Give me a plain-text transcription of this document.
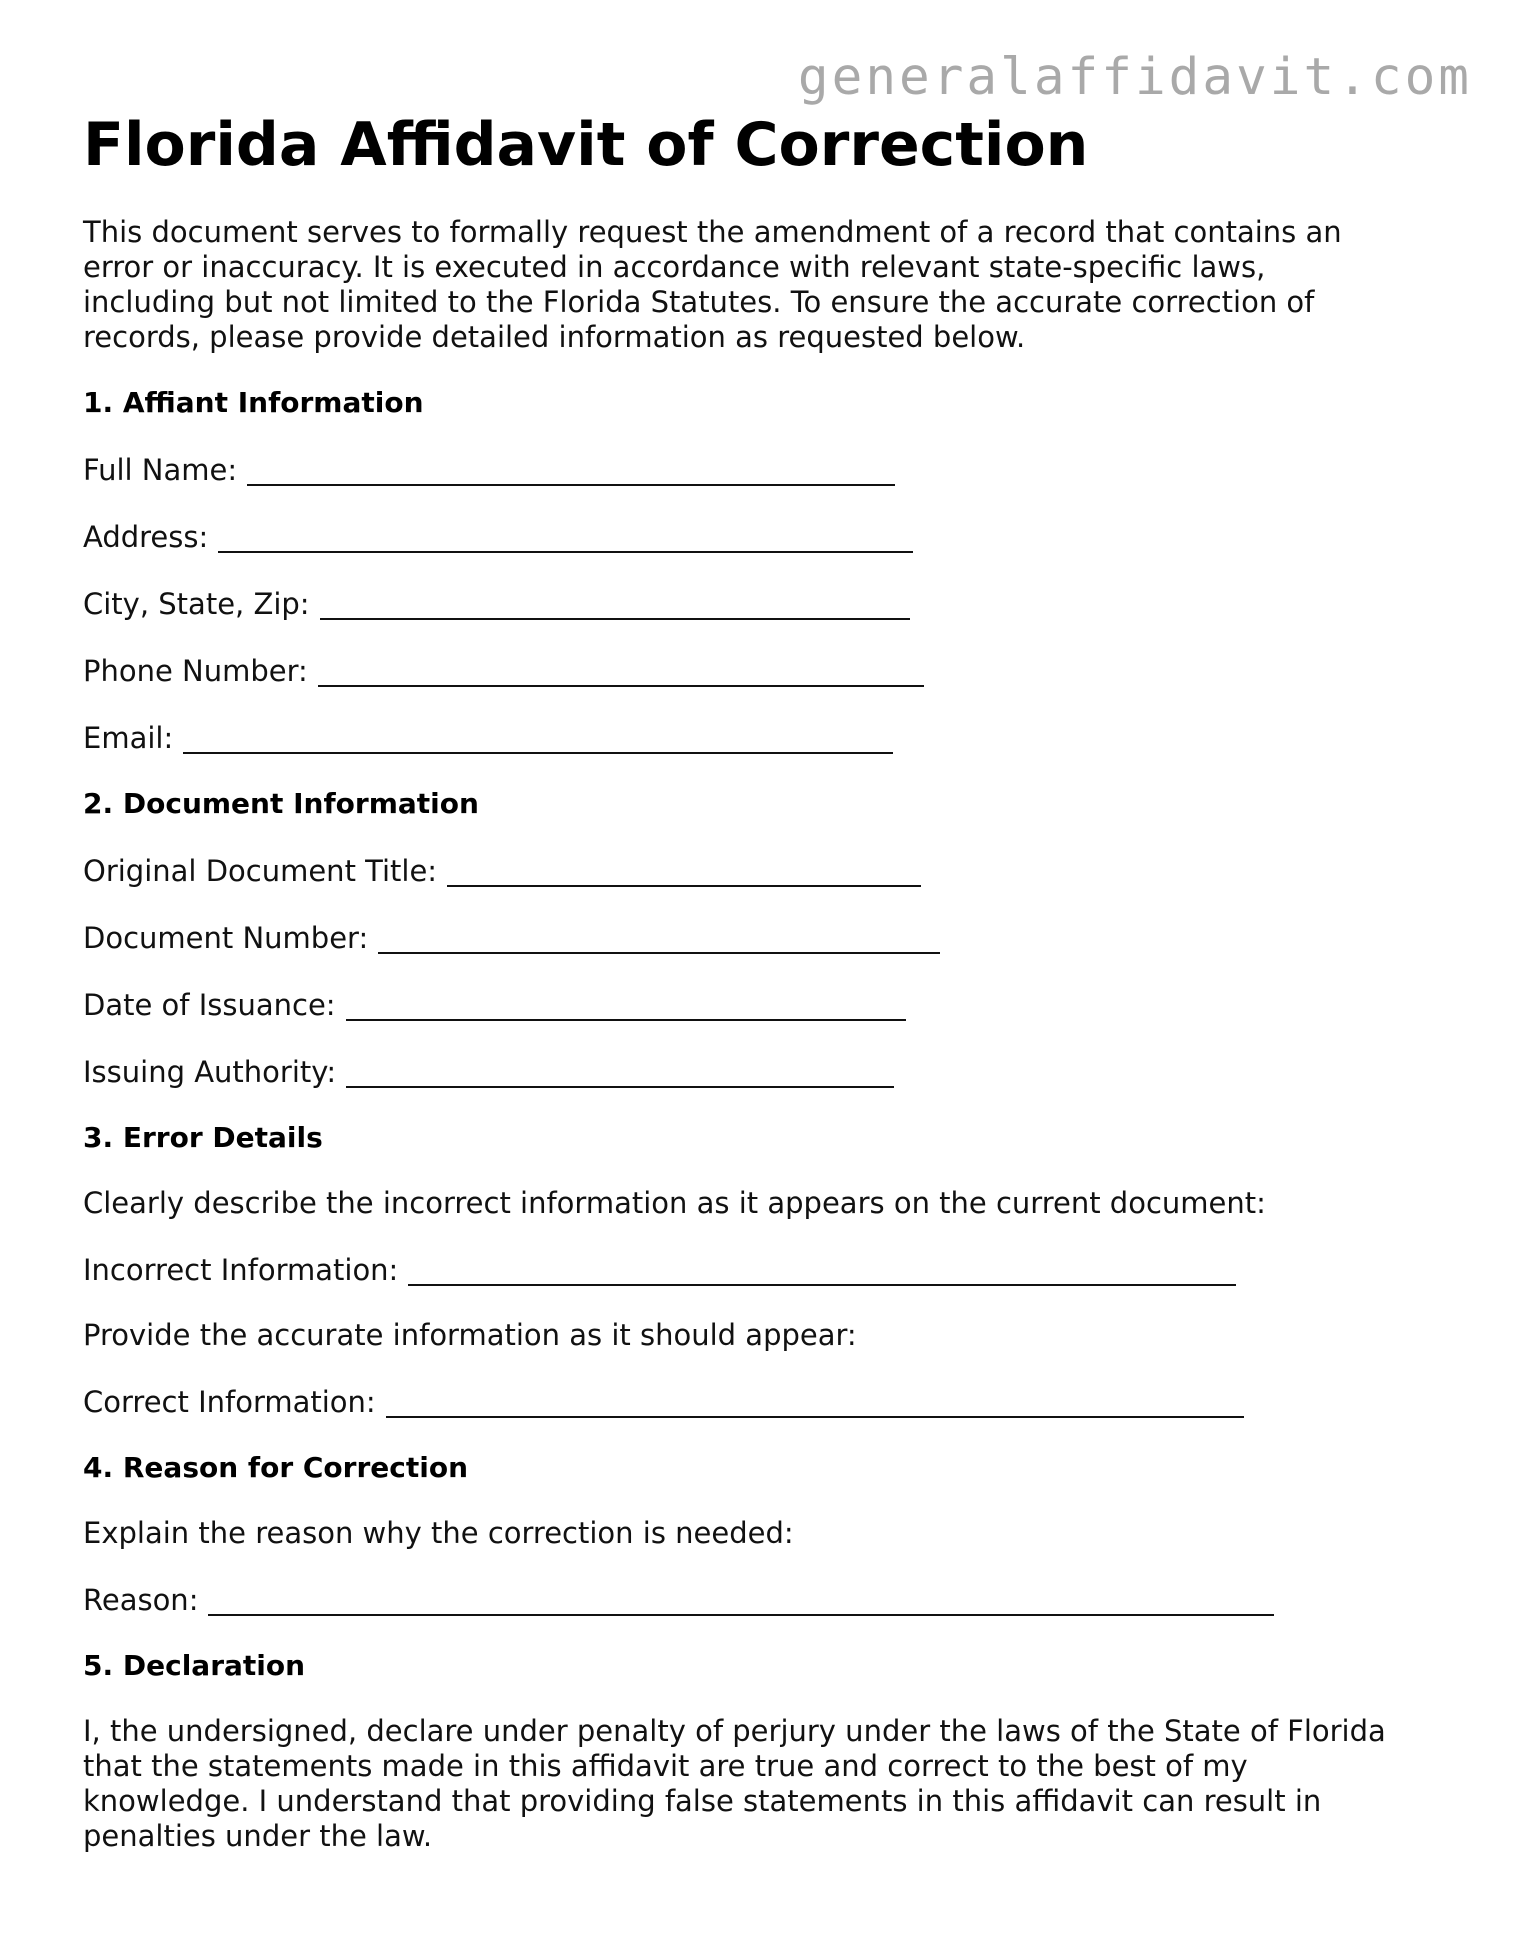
generalaffidavit.com
Florida Affidavit of Correction

This document serves to formally request the amendment of a record that contains an error or inaccuracy. It is executed in accordance with relevant state-specific laws, including but not limited to the Florida Statutes. To ensure the accurate correction of records, please provide detailed information as requested below.

1. Affiant Information
Full Name:
Address:
City, State, Zip:
Phone Number:
Email:
2. Document Information
Original Document Title:
Document Number:
Date of Issuance:
Issuing Authority:
3. Error Details
Clearly describe the incorrect information as it appears on the current document:
Incorrect Information:
Provide the accurate information as it should appear:
Correct Information:
4. Reason for Correction
Explain the reason why the correction is needed:
Reason:
5. Declaration

I, the undersigned, declare under penalty of perjury under the laws of the State of Florida that the statements made in this affidavit are true and correct to the best of my knowledge. I understand that providing false statements in this affidavit can result in penalties under the law.
